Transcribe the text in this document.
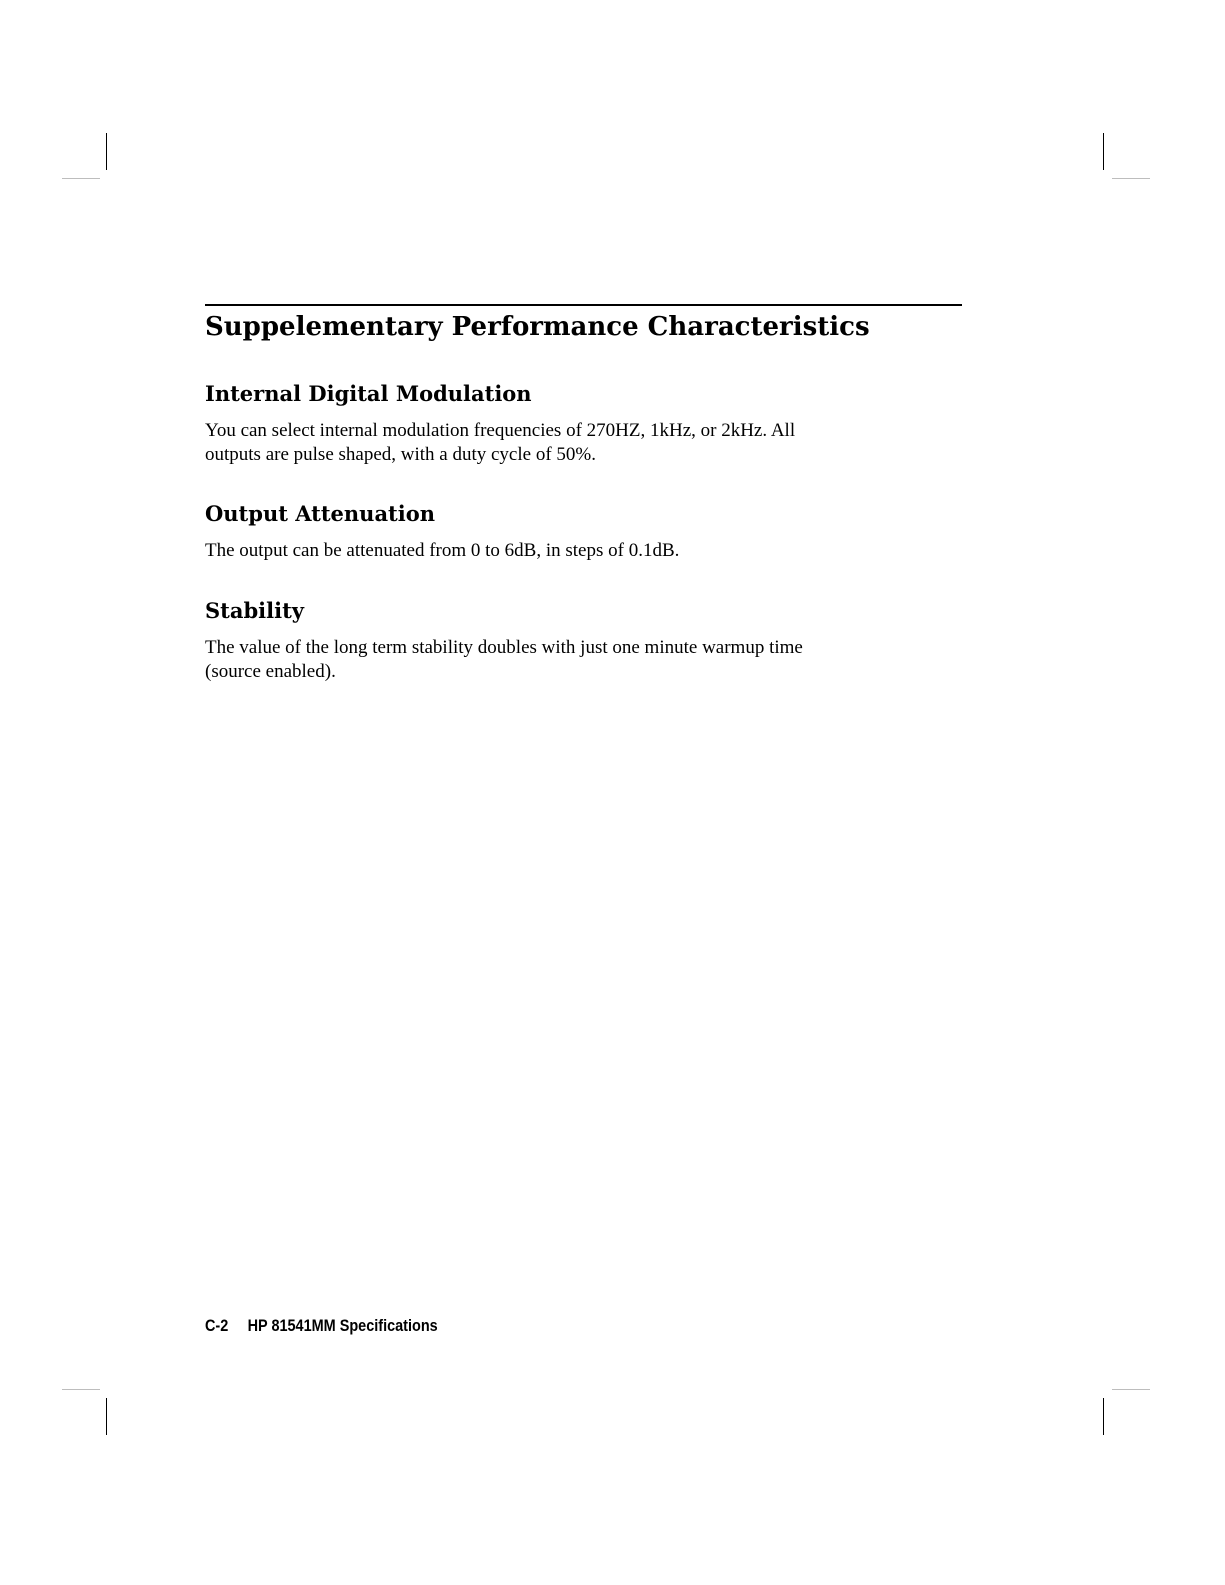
Suppelementary Performance Characteristics
Internal Digital Modulation

You can select internal modulation frequencies of 270HZ, 1kHz, or 2kHz. All
outputs are pulse shaped, with a duty cycle of 50%.

Output Attenuation

The output can be attenuated from 0 to 6dB, in steps of 0.1dB.

Stability

The value of the long term stability doubles with just one minute warmup time
(source enabled).

C-2 HP 81541MM Specifications
